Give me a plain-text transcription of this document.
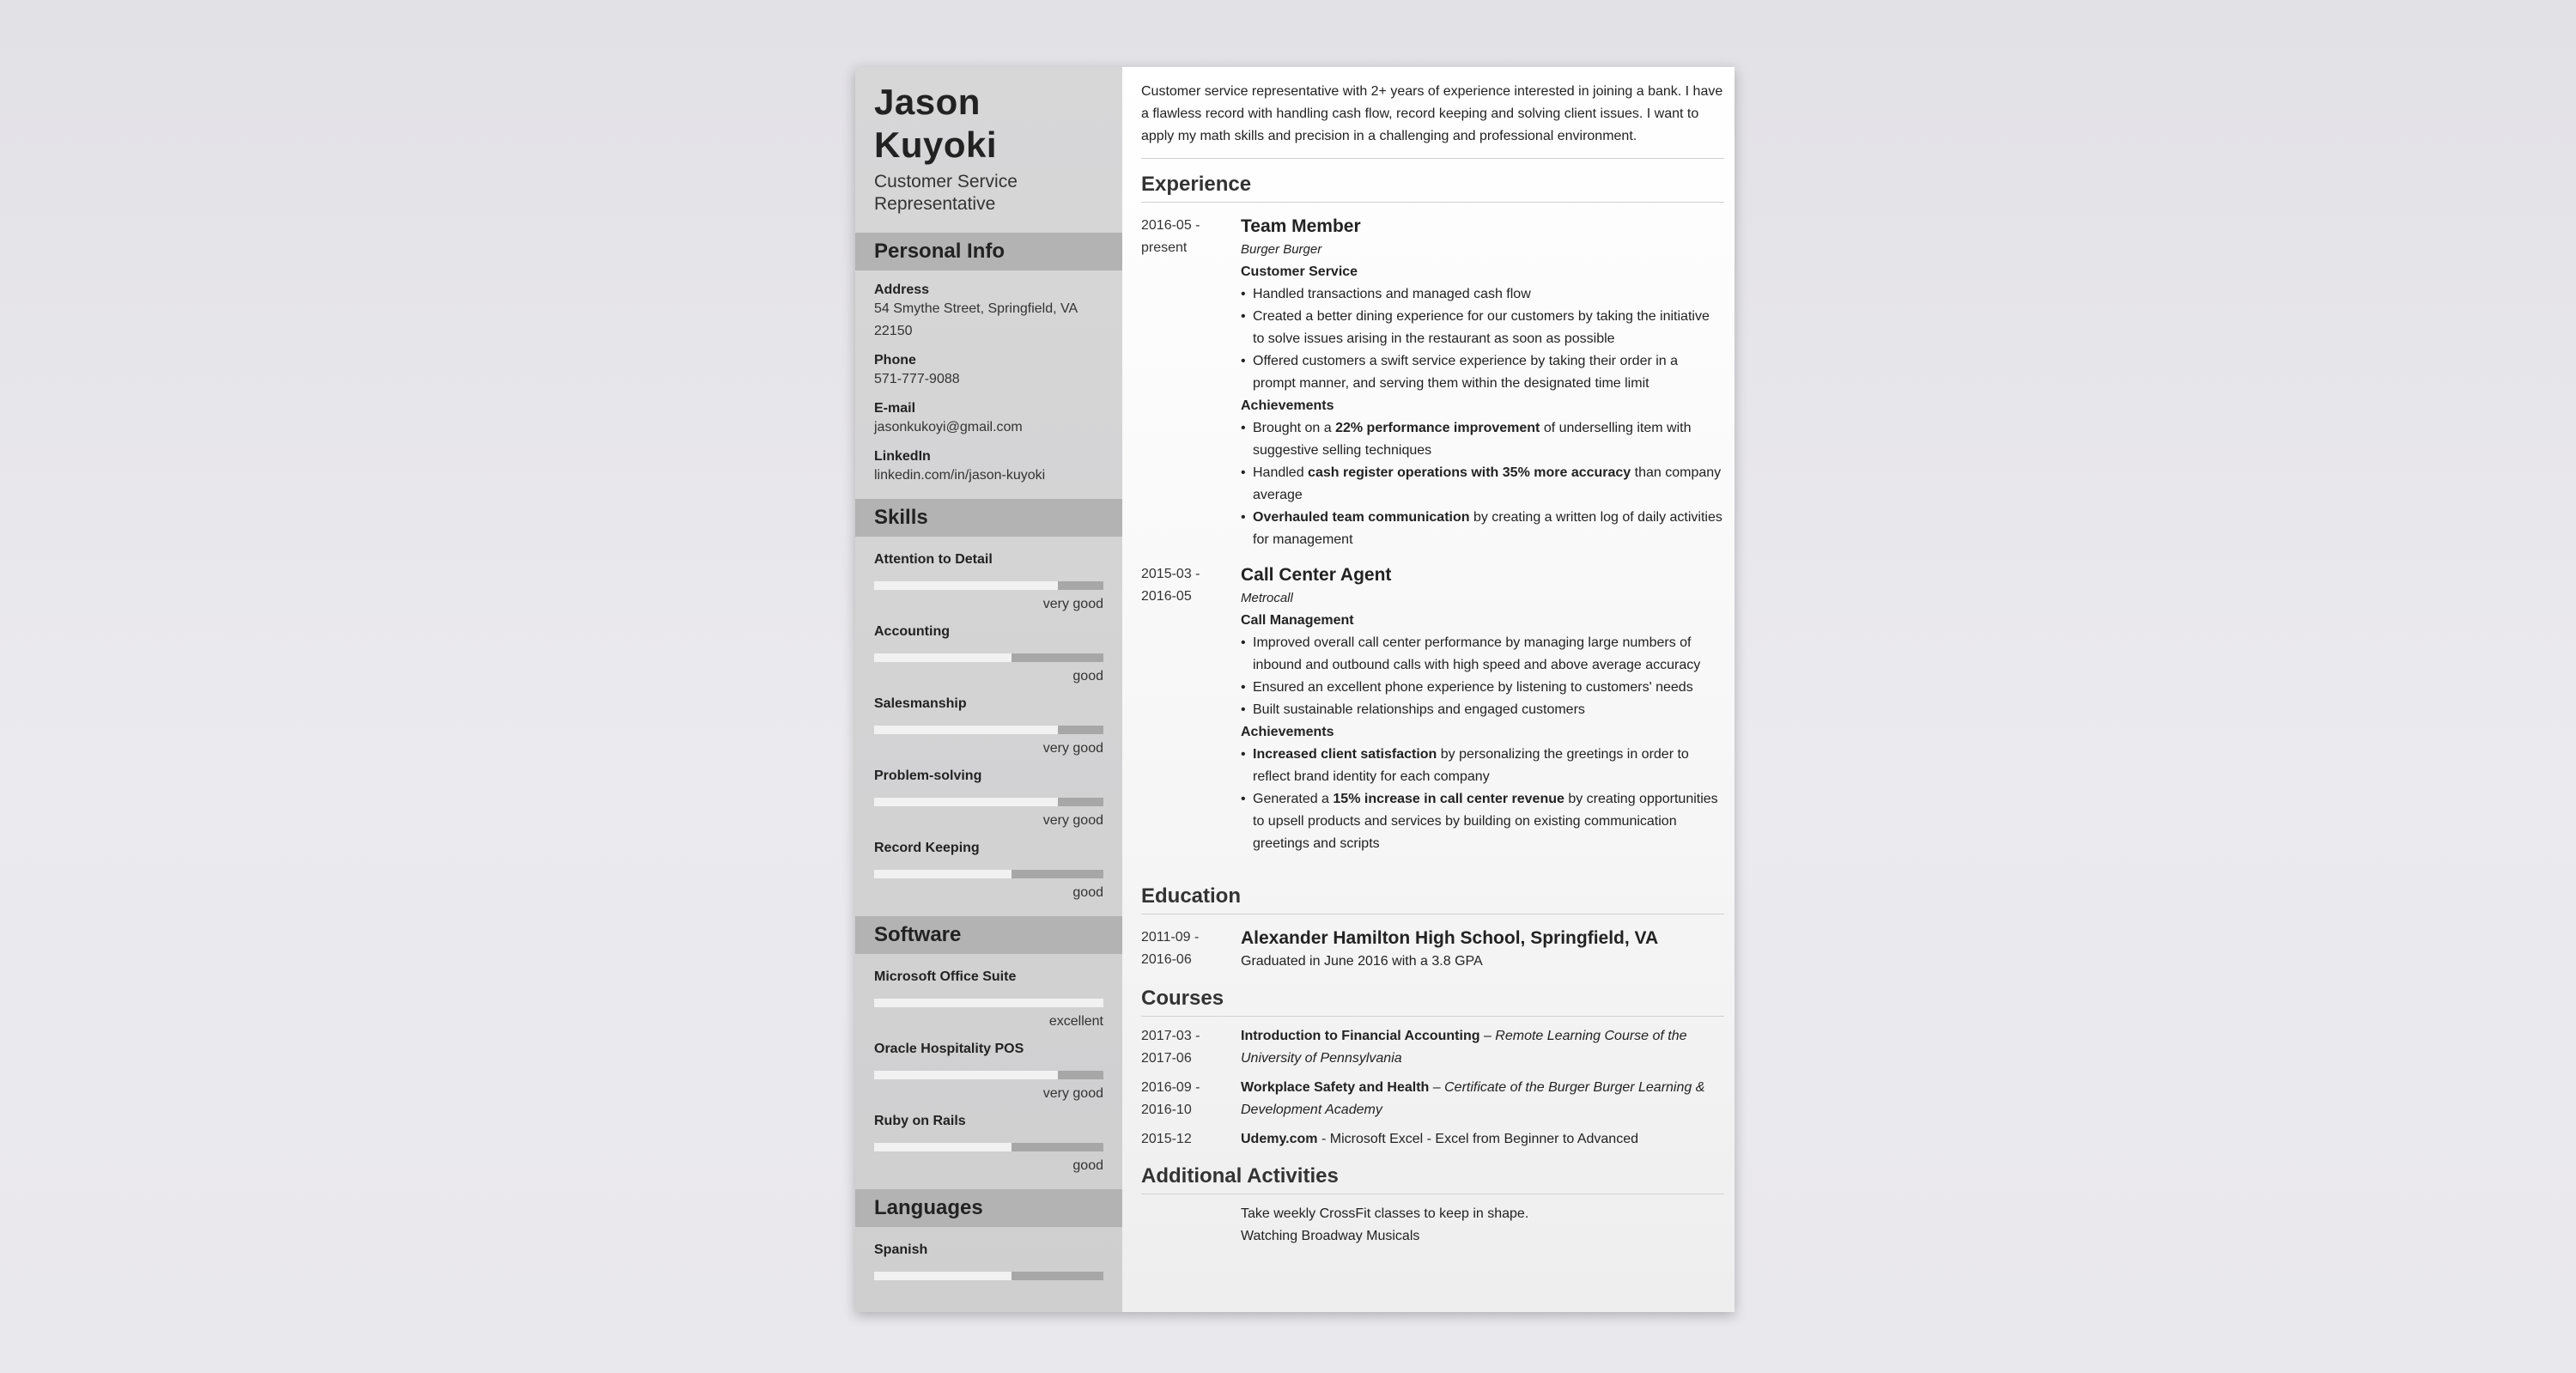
Jason Kuyoki
Customer Service Representative
Personal Info
Address
54 Smythe Street, Springfield, VA 22150
Phone
571-777-9088
E-mail
jasonkukoyi@gmail.com
LinkedIn
linkedin.com/in/jason-kuyoki
Skills
Attention to Detail
very good
Accounting
good
Salesmanship
very good
Problem-solving
very good
Record Keeping
good
Software
Microsoft Office Suite
excellent
Oracle Hospitality POS
very good
Ruby on Rails
good
Languages
Spanish
Customer service representative with 2+ years of experience interested in joining a bank. I have a flawless record with handling cash flow, record keeping and solving client issues. I want to apply my math skills and precision in a challenging and professional environment.
Experience
2016-05 -
present
Team Member
Burger Burger
Customer Service
• Handled transactions and managed cash flow
• Created a better dining experience for our customers by taking the initiative to solve issues arising in the restaurant as soon as possible
• Offered customers a swift service experience by taking their order in a prompt manner, and serving them within the designated time limit
Achievements
• Brought on a 22% performance improvement of underselling item with suggestive selling techniques
• Handled cash register operations with 35% more accuracy than company average
• Overhauled team communication by creating a written log of daily activities for management
2015-03 -
2016-05
Call Center Agent
Metrocall
Call Management
• Improved overall call center performance by managing large numbers of inbound and outbound calls with high speed and above average accuracy
• Ensured an excellent phone experience by listening to customers' needs
• Built sustainable relationships and engaged customers
Achievements
• Increased client satisfaction by personalizing the greetings in order to reflect brand identity for each company
• Generated a 15% increase in call center revenue by creating opportunities to upsell products and services by building on existing communication greetings and scripts
Education
2011-09 -
2016-06
Alexander Hamilton High School, Springfield, VA
Graduated in June 2016 with a 3.8 GPA
Courses
2017-03 -
2017-06
Introduction to Financial Accounting – Remote Learning Course of the University of Pennsylvania
2016-09 -
2016-10
Workplace Safety and Health – Certificate of the Burger Burger Learning & Development Academy
2015-12	Udemy.com - Microsoft Excel - Excel from Beginner to Advanced
Additional Activities
Take weekly CrossFit classes to keep in shape.
Watching Broadway Musicals
